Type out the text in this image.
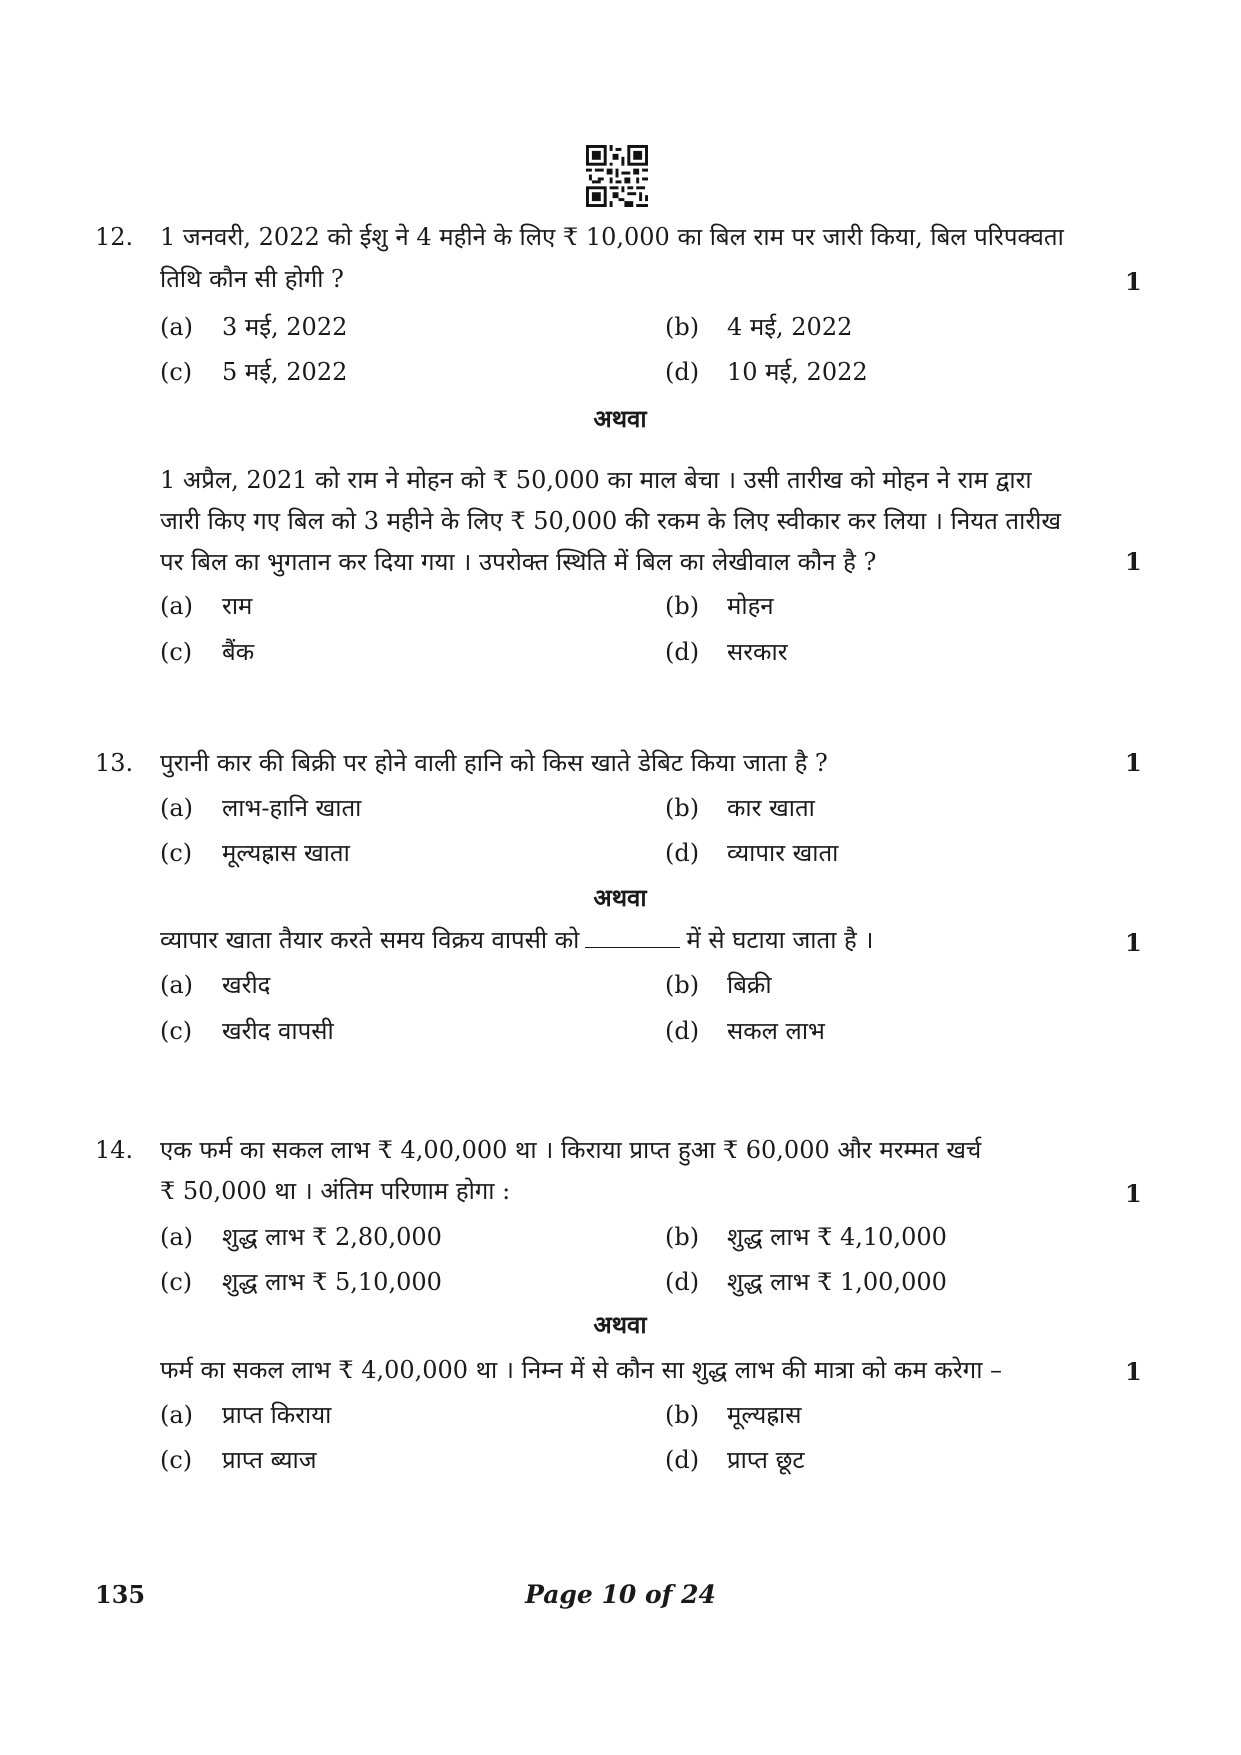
12. 1 जनवरी, 2022 को ईशु ने 4 महीने के लिए ₹ 10,000 का बिल राम पर जारी किया, बिल परिपक्वता
तिथि कौन सी होगी ?	1
(a) 3 मई, 2022	(b) 4 मई, 2022
(c) 5 मई, 2022	(d) 10 मई, 2022
अथवा
1 अप्रैल, 2021 को राम ने मोहन को ₹ 50,000 का माल बेचा । उसी तारीख को मोहन ने राम द्वारा
जारी किए गए बिल को 3 महीने के लिए ₹ 50,000 की रकम के लिए स्वीकार कर लिया । नियत तारीख
पर बिल का भुगतान कर दिया गया । उपरोक्त स्थिति में बिल का लेखीवाल कौन है ?	1
(a) राम	(b) मोहन
(c) बैंक	(d) सरकार
13. पुरानी कार की बिक्री पर होने वाली हानि को किस खाते डेबिट किया जाता है ?	1
(a) लाभ-हानि खाता	(b) कार खाता
(c) मूल्यह्रास खाता	(d) व्यापार खाता
अथवा
व्यापार खाता तैयार करते समय विक्रय वापसी को	में से घटाया जाता है ।	1
(a) खरीद	(b) बिक्री
(c) खरीद वापसी	(d) सकल लाभ
14. एक फर्म का सकल लाभ ₹ 4,00,000 था । किराया प्राप्त हुआ ₹ 60,000 और मरम्मत खर्च
₹ 50,000 था । अंतिम परिणाम होगा :	1
(a) शुद्ध लाभ ₹ 2,80,000	(b) शुद्ध लाभ ₹ 4,10,000
(c) शुद्ध लाभ ₹ 5,10,000	(d) शुद्ध लाभ ₹ 1,00,000
अथवा
फर्म का सकल लाभ ₹ 4,00,000 था । निम्न में से कौन सा शुद्ध लाभ की मात्रा को कम करेगा –	1
(a) प्राप्त किराया	(b) मूल्यह्रास
(c) प्राप्त ब्याज	(d) प्राप्त छूट
135	Page 10 of 24
